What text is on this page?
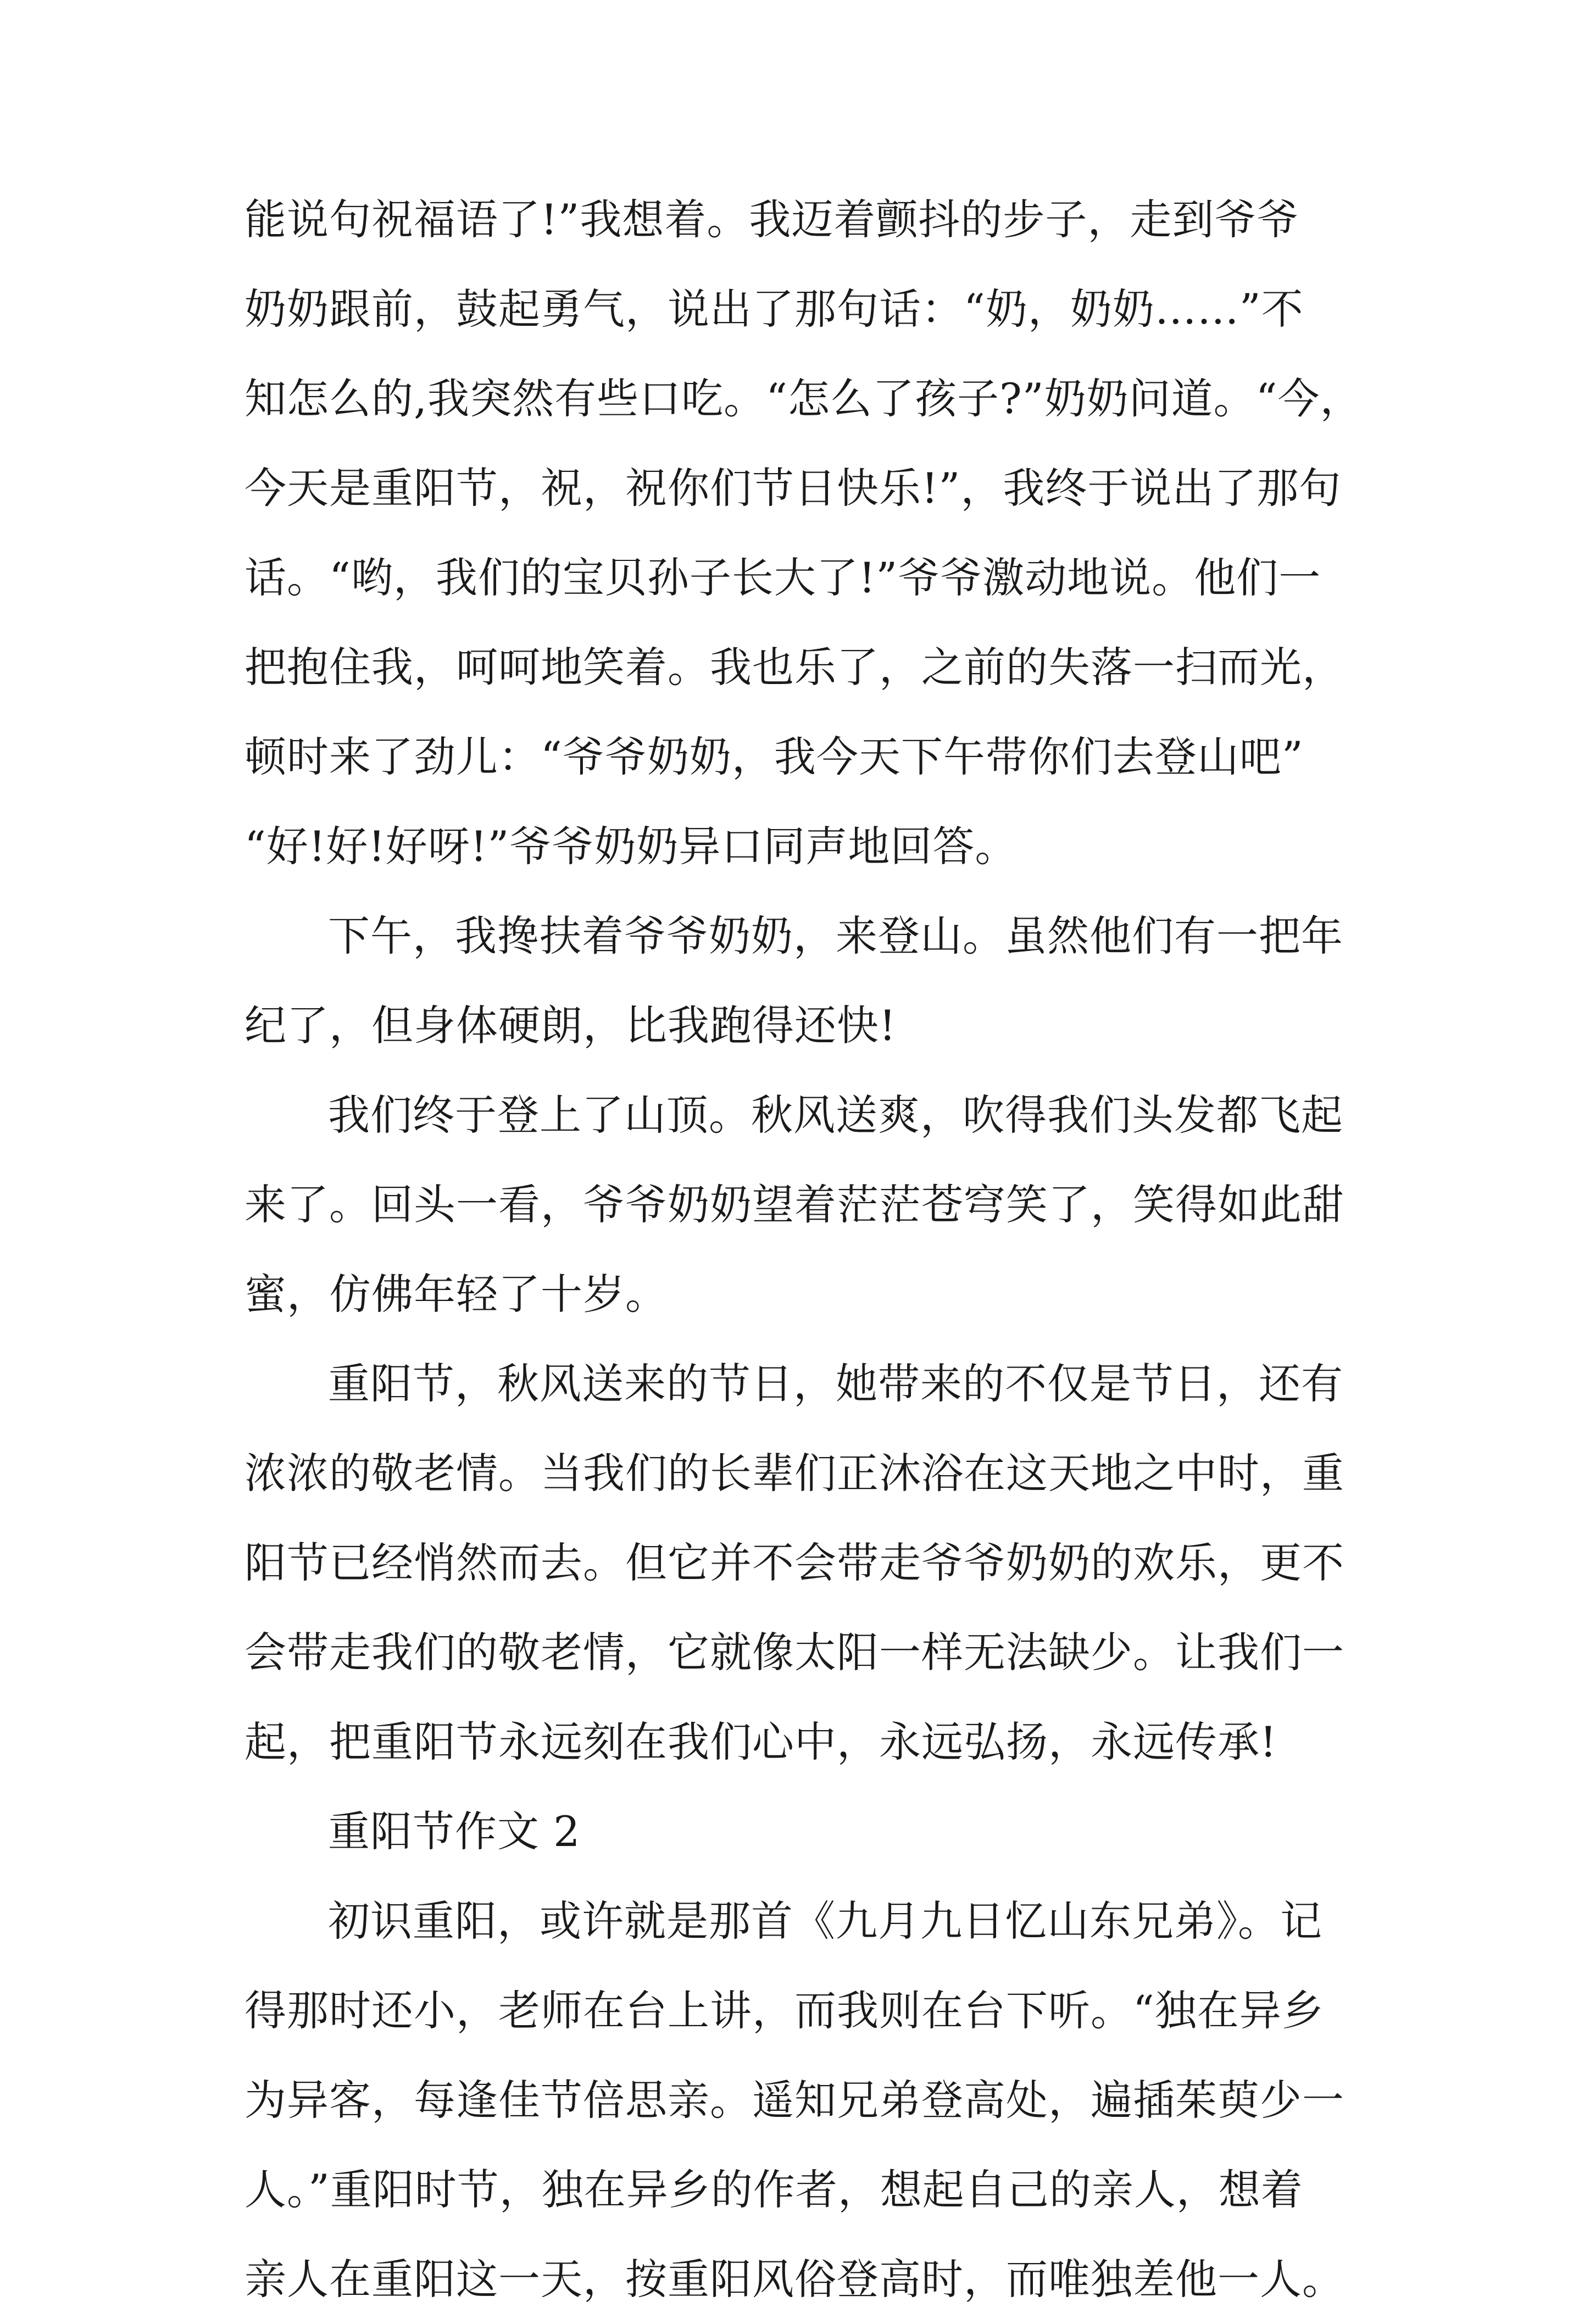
能说句祝福语了!”我想着。我迈着颤抖的步子，走到爷爷
奶奶跟前，鼓起勇气，说出了那句话：“奶，奶奶……”不
知怎么的,我突然有些口吃。“怎么了孩子?”奶奶问道。“今，
今天是重阳节，祝，祝你们节日快乐!”，我终于说出了那句
话。“哟，我们的宝贝孙子长大了!”爷爷激动地说。他们一
把抱住我，呵呵地笑着。我也乐了，之前的失落一扫而光，
顿时来了劲儿：“爷爷奶奶，我今天下午带你们去登山吧”
“好!好!好呀!”爷爷奶奶异口同声地回答。
下午，我搀扶着爷爷奶奶，来登山。虽然他们有一把年
纪了，但身体硬朗，比我跑得还快!
我们终于登上了山顶。秋风送爽，吹得我们头发都飞起
来了。回头一看，爷爷奶奶望着茫茫苍穹笑了，笑得如此甜
蜜，仿佛年轻了十岁。
重阳节，秋风送来的节日，她带来的不仅是节日，还有
浓浓的敬老情。当我们的长辈们正沐浴在这天地之中时，重
阳节已经悄然而去。但它并不会带走爷爷奶奶的欢乐，更不
会带走我们的敬老情，它就像太阳一样无法缺少。让我们一
起，把重阳节永远刻在我们心中，永远弘扬，永远传承!
重阳节作文 2
初识重阳，或许就是那首《九月九日忆山东兄弟》。记
得那时还小，老师在台上讲，而我则在台下听。“独在异乡
为异客，每逢佳节倍思亲。遥知兄弟登高处，遍插茱萸少一
人。”重阳时节，独在异乡的作者，想起自己的亲人，想着
亲人在重阳这一天，按重阳风俗登高时，而唯独差他一人。
